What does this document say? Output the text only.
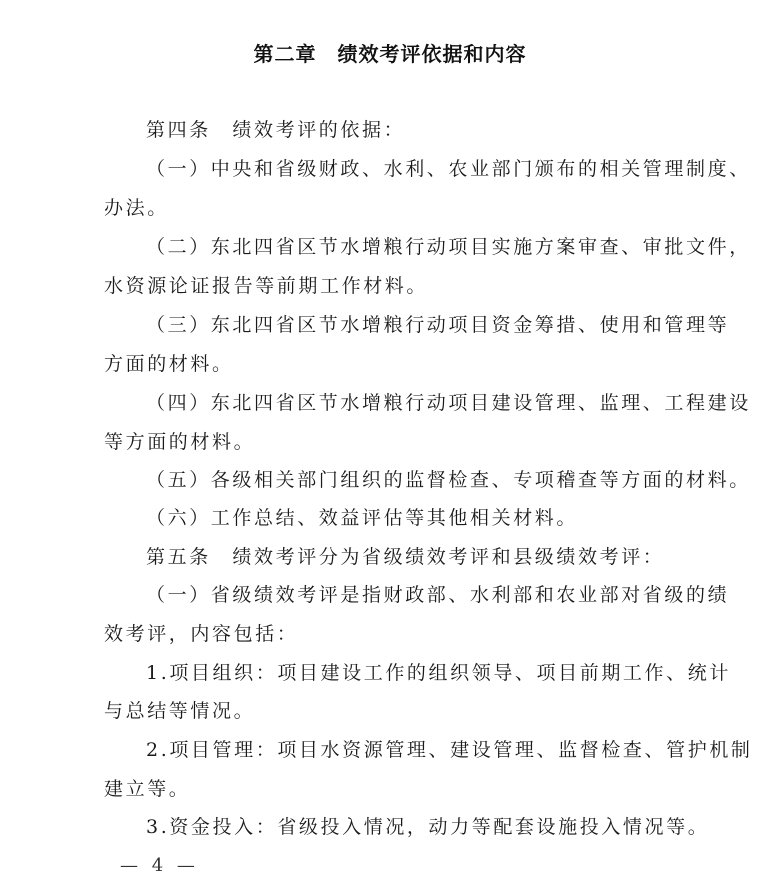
第二章　绩效考评依据和内容
第四条　绩效考评的依据：
（一）中央和省级财政、水利、农业部门颁布的相关管理制度、
办法。
（二）东北四省区节水增粮行动项目实施方案审查、审批文件，
水资源论证报告等前期工作材料。
（三）东北四省区节水增粮行动项目资金筹措、使用和管理等
方面的材料。
（四）东北四省区节水增粮行动项目建设管理、监理、工程建设
等方面的材料。
（五）各级相关部门组织的监督检查、专项稽查等方面的材料。
（六）工作总结、效益评估等其他相关材料。
第五条　绩效考评分为省级绩效考评和县级绩效考评：
（一）省级绩效考评是指财政部、水利部和农业部对省级的绩
效考评，内容包括：
1.项目组织：项目建设工作的组织领导、项目前期工作、统计
与总结等情况。
2.项目管理：项目水资源管理、建设管理、监督检查、管护机制
建立等。
3.资金投入：省级投入情况，动力等配套设施投入情况等。
— 4 —
